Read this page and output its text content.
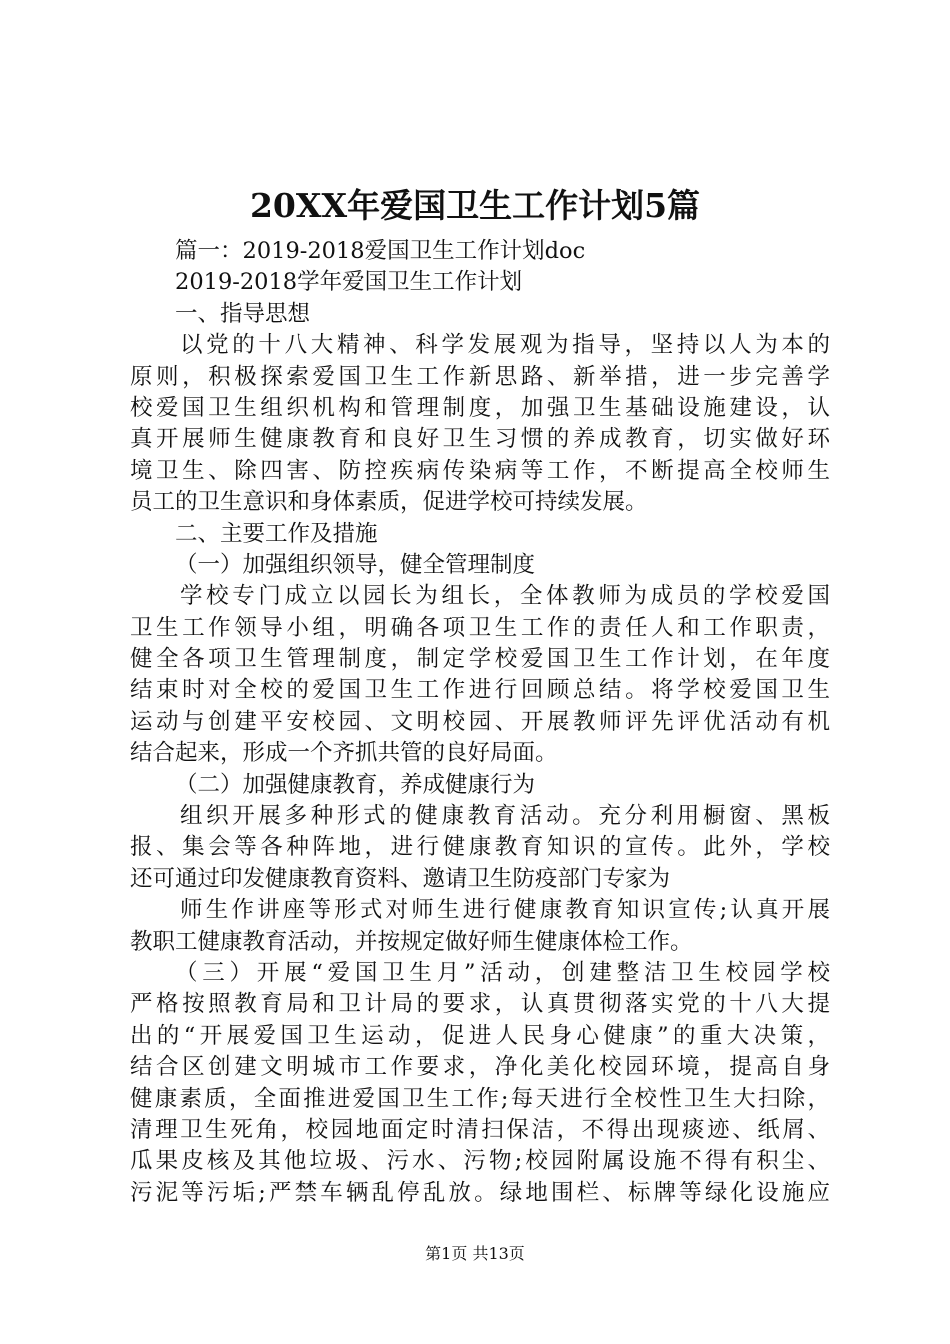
20XX年爱国卫生工作计划5篇
篇一：2019-2018爱国卫生工作计划doc
2019-2018学年爱国卫生工作计划
一、指导思想
以党的十八大精神、科学发展观为指导，坚持以人为本的
原则，积极探索爱国卫生工作新思路、新举措，进一步完善学
校爱国卫生组织机构和管理制度，加强卫生基础设施建设，认
真开展师生健康教育和良好卫生习惯的养成教育，切实做好环
境卫生、除四害、防控疾病传染病等工作，不断提高全校师生
员工的卫生意识和身体素质，促进学校可持续发展。
二、主要工作及措施
（一）加强组织领导，健全管理制度
学校专门成立以园长为组长，全体教师为成员的学校爱国
卫生工作领导小组，明确各项卫生工作的责任人和工作职责，
健全各项卫生管理制度，制定学校爱国卫生工作计划，在年度
结束时对全校的爱国卫生工作进行回顾总结。将学校爱国卫生
运动与创建平安校园、文明校园、开展教师评先评优活动有机
结合起来，形成一个齐抓共管的良好局面。
（二）加强健康教育，养成健康行为
组织开展多种形式的健康教育活动。充分利用橱窗、黑板
报、集会等各种阵地，进行健康教育知识的宣传。此外，学校
还可通过印发健康教育资料、邀请卫生防疫部门专家为
师生作讲座等形式对师生进行健康教育知识宣传;认真开展
教职工健康教育活动，并按规定做好师生健康体检工作。
（三）开展“爱国卫生月”活动，创建整洁卫生校园学校
严格按照教育局和卫计局的要求，认真贯彻落实党的十八大提
出的“开展爱国卫生运动，促进人民身心健康”的重大决策，
结合区创建文明城市工作要求，净化美化校园环境，提高自身
健康素质，全面推进爱国卫生工作;每天进行全校性卫生大扫除，
清理卫生死角，校园地面定时清扫保洁，不得出现痰迹、纸屑、
瓜果皮核及其他垃圾、污水、污物;校园附属设施不得有积尘、
污泥等污垢;严禁车辆乱停乱放。绿地围栏、标牌等绿化设施应
第1页 共13页
